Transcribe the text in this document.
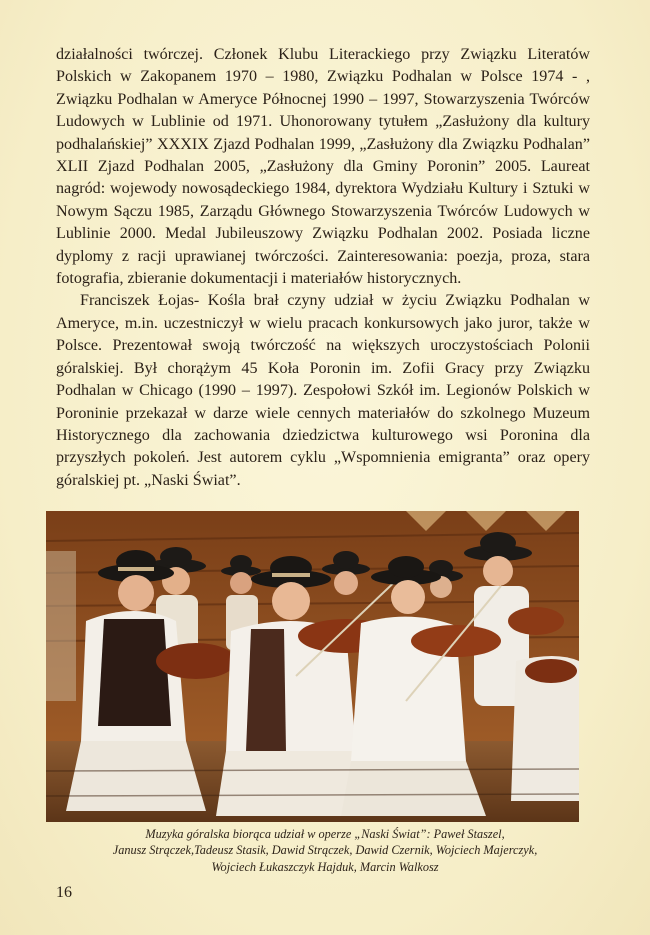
działalności twórczej. Członek Klubu Literackiego przy Związku Literatów Polskich w Zakopanem 1970 – 1980, Związku Podhalan w Polsce 1974 - , Związku Podhalan w Ameryce Północnej 1990 – 1997, Stowarzyszenia Twórców Ludowych w Lublinie od 1971. Uhonorowany tytułem „Zasłużony dla kultury podhalańskiej” XXXIX Zjazd Podhalan 1999, „Zasłużony dla Związku Podhalan” XLII Zjazd Podhalan 2005, „Zasłużony dla Gminy Poronin” 2005. Laureat nagród: wojewody nowosądeckiego 1984, dyrektora Wydziału Kultury i Sztuki w Nowym Sączu 1985, Zarządu Głównego Stowarzyszenia Twórców Ludowych w Lublinie 2000. Medal Jubileuszowy Związku Podhalan 2002. Posiada liczne dyplomy z racji uprawianej twórczości. Zainteresowania: poezja, proza, stara fotografia, zbieranie dokumentacji i materiałów historycznych.

Franciszek Łojas- Kośla brał czyny udział w życiu Związku Podhalan w Ameryce, m.in. uczestniczył w wielu pracach konkursowych jako juror, także w Polsce. Prezentował swoją twórczość na większych uroczystościach Polonii góralskiej. Był chorążym 45 Koła Poronin im. Zofii Gracy przy Związku Podhalan w Chicago (1990 – 1997). Zespołowi Szkół im. Legionów Polskich w Poroninie przekazał w darze wiele cennych materiałów do szkolnego Muzeum Historycznego dla zachowania dziedzictwa kulturowego wsi Poronina dla przyszłych pokoleń. Jest autorem cyklu „Wspomnienia emigranta” oraz opery góralskiej pt. „Naski Świat”.

Muzyka góralska biorąca udział w operze „Naski Świat”: Paweł Staszel,
Janusz Strączek,Tadeusz Stasik, Dawid Strączek, Dawid Czernik, Wojciech Majerczyk,
Wojciech Łukaszczyk Hajduk, Marcin Walkosz
16
